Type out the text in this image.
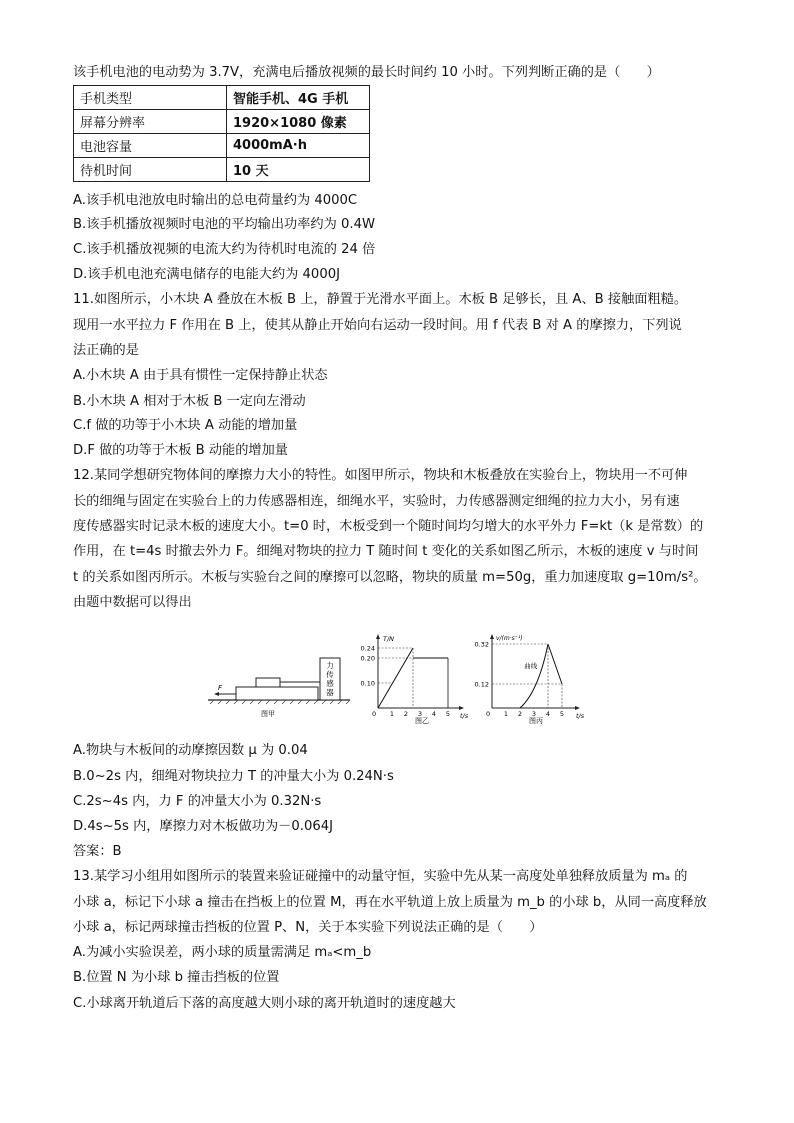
该手机电池的电动势为 3.7V，充满电后播放视频的最长时间约 10 小时。下列判断正确的是（　　）
手机类型	智能手机、4G 手机
屏幕分辨率	1920×1080 像素
电池容量	4000mA·h
待机时间	10 天
A.该手机电池放电时输出的总电荷量约为 4000C
B.该手机播放视频时电池的平均输出功率约为 0.4W
C.该手机播放视频的电流大约为待机时电流的 24 倍
D.该手机电池充满电储存的电能大约为 4000J
11.如图所示，小木块 A 叠放在木板 B 上，静置于光滑水平面上。木板 B 足够长，且 A、B 接触面粗糙。
现用一水平拉力 F 作用在 B 上，使其从静止开始向右运动一段时间。用 f 代表 B 对 A 的摩擦力，下列说
法正确的是
A.小木块 A 由于具有惯性一定保持静止状态
B.小木块 A 相对于木板 B 一定向左滑动
C.f 做的功等于小木块 A 动能的增加量
D.F 做的功等于木板 B 动能的增加量
12.某同学想研究物体间的摩擦力大小的特性。如图甲所示，物块和木板叠放在实验台上，物块用一不可伸
长的细绳与固定在实验台上的力传感器相连，细绳水平，实验时，力传感器测定细绳的拉力大小，另有速
度传感器实时记录木板的速度大小。t=0 时，木板受到一个随时间均匀增大的水平外力 F=kt（k 是常数）的
作用，在 t=4s 时撤去外力 F。细绳对物块的拉力 T 随时间 t 变化的关系如图乙所示，木板的速度 v 与时间
t 的关系如图丙所示。木板与实验台之间的摩擦可以忽略，物块的质量 m=50g，重力加速度取 g=10m/s²。
由题中数据可以得出
力
传
感
器
F
图甲
T/N
t/s
0
0.24
0.20
0.10
1 2 3 4 5
图乙
v/(m·s⁻¹)
t/s
0
0.32
0.12
1 2 3 4 5
曲线
图丙
A.物块与木板间的动摩擦因数 μ 为 0.04
B.0~2s 内，细绳对物块拉力 T 的冲量大小为 0.24N·s
C.2s~4s 内，力 F 的冲量大小为 0.32N·s
D.4s~5s 内，摩擦力对木板做功为－0.064J
答案：B
13.某学习小组用如图所示的装置来验证碰撞中的动量守恒，实验中先从某一高度处单独释放质量为 mₐ 的
小球 a，标记下小球 a 撞击在挡板上的位置 M，再在水平轨道上放上质量为 m_b 的小球 b，从同一高度释放
小球 a，标记两球撞击挡板的位置 P、N，关于本实验下列说法正确的是（　　）
A.为减小实验误差，两小球的质量需满足 mₐ<m_b
B.位置 N 为小球 b 撞击挡板的位置
C.小球离开轨道后下落的高度越大则小球的离开轨道时的速度越大
